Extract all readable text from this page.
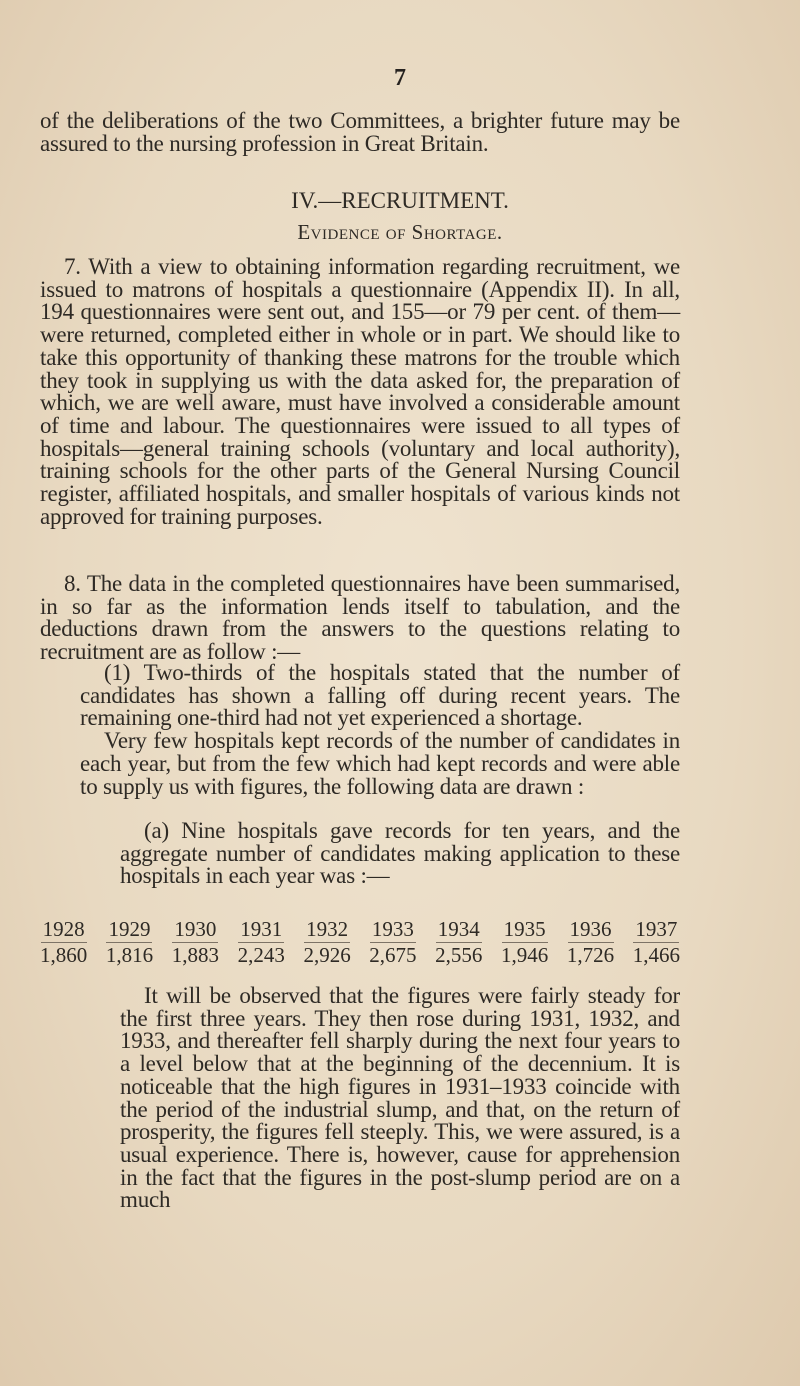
7

of the deliberations of the two Committees, a brighter future may be assured to the nursing profession in Great Britain.

IV.—RECRUITMENT.
Evidence of Shortage.

7. With a view to obtaining information regarding recruitment, we issued to matrons of hospitals a questionnaire (Appendix II). In all, 194 questionnaires were sent out, and 155—or 79 per cent. of them—were returned, completed either in whole or in part. We should like to take this opportunity of thanking these matrons for the trouble which they took in supplying us with the data asked for, the preparation of which, we are well aware, must have involved a considerable amount of time and labour. The questionnaires were issued to all types of hospitals—general training schools (voluntary and local authority), training schools for the other parts of the General Nursing Council register, affiliated hospitals, and smaller hospitals of various kinds not approved for training purposes.

8. The data in the completed questionnaires have been summarised, in so far as the information lends itself to tabulation, and the deductions drawn from the answers to the questions relating to recruitment are as follow :—

(1) Two-thirds of the hospitals stated that the number of candidates has shown a falling off during recent years. The remaining one-third had not yet experienced a shortage.

Very few hospitals kept records of the number of candidates in each year, but from the few which had kept records and were able to supply us with figures, the following data are drawn :

(a) Nine hospitals gave records for ten years, and the aggregate number of candidates making application to these hospitals in each year was :—

1928
1,860
1929
1,816
1930
1,883
1931
2,243
1932
2,926
1933
2,675
1934
2,556
1935
1,946
1936
1,726
1937
1,466

It will be observed that the figures were fairly steady for the first three years. They then rose during 1931, 1932, and 1933, and thereafter fell sharply during the next four years to a level below that at the beginning of the decennium. It is noticeable that the high figures in 1931–1933 coincide with the period of the industrial slump, and that, on the return of prosperity, the figures fell steeply. This, we were assured, is a usual experience. There is, however, cause for apprehension in the fact that the figures in the post-slump period are on a much
